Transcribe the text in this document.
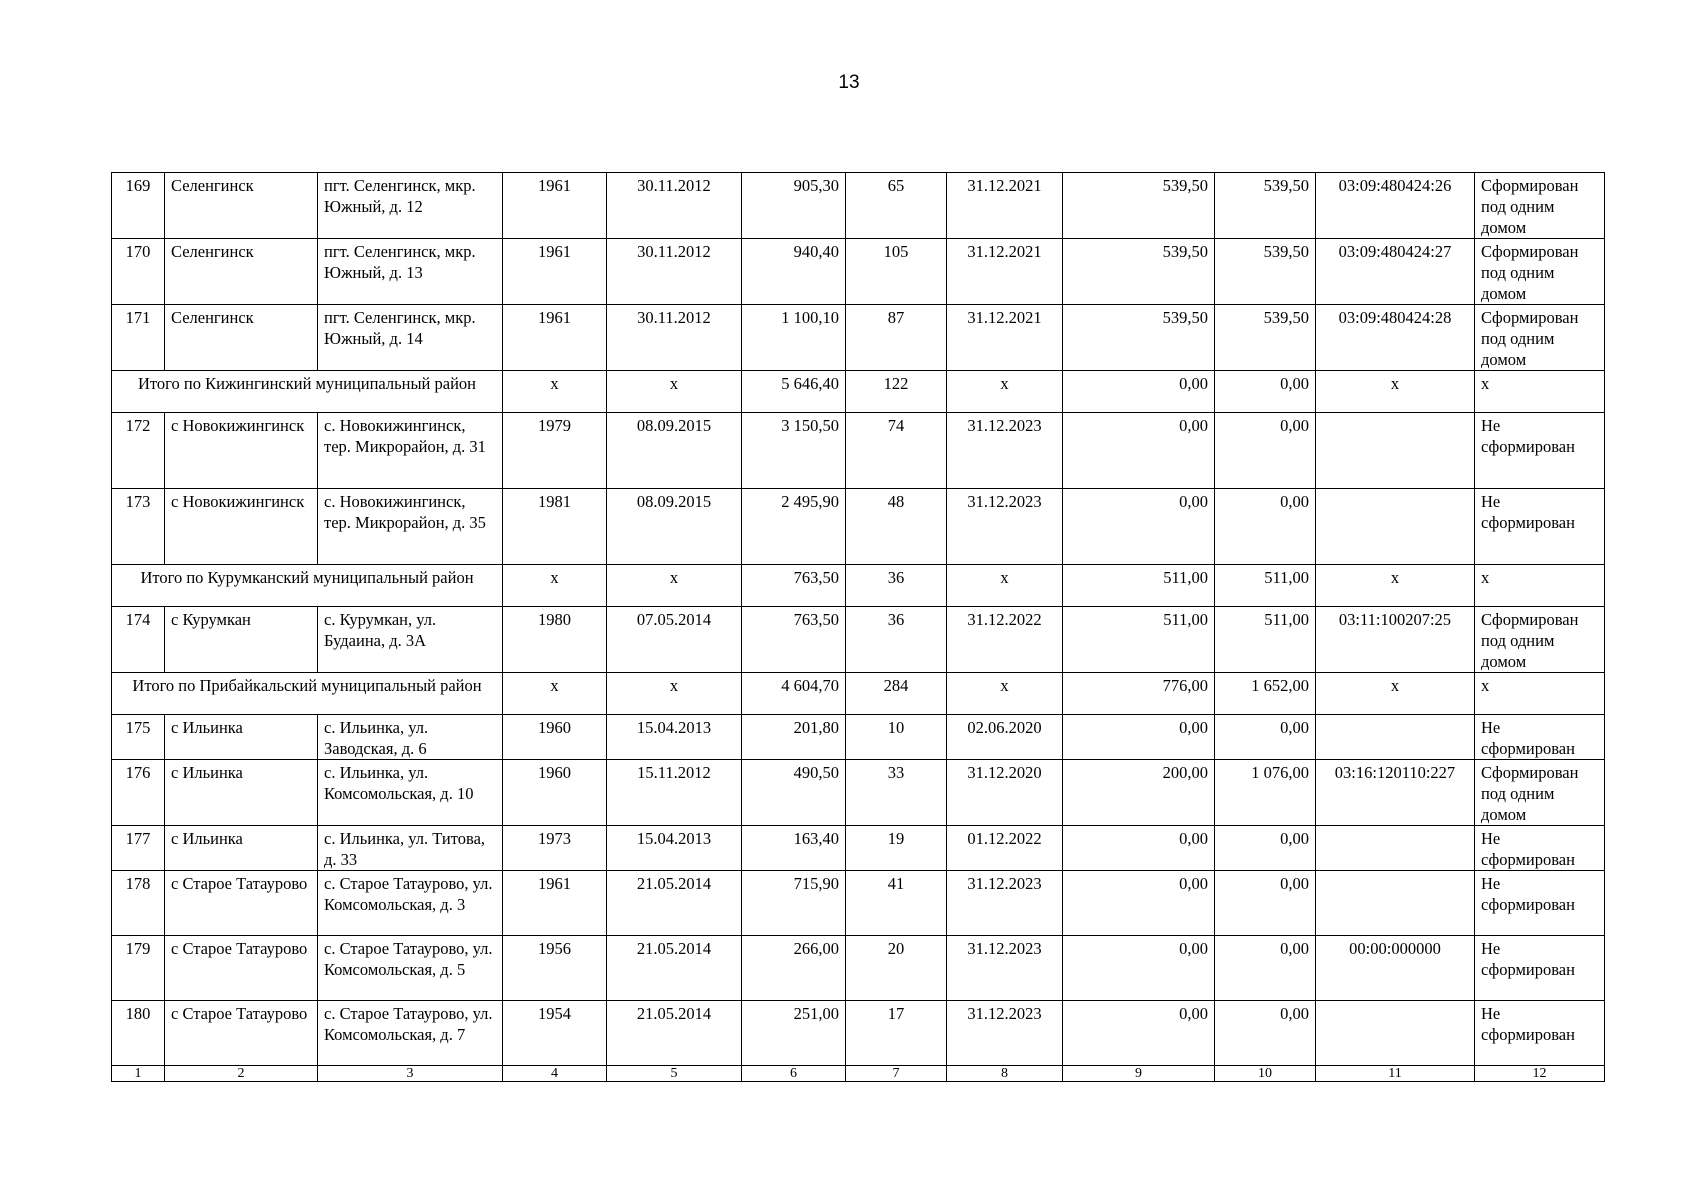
13
169	Селенгинск	пгт. Селенгинск, мкр. Южный, д. 12	1961	30.11.2012	905,30	65	31.12.2021	539,50	539,50	03:09:480424:26	Сформирован под одним домом
170	Селенгинск	пгт. Селенгинск, мкр. Южный, д. 13	1961	30.11.2012	940,40	105	31.12.2021	539,50	539,50	03:09:480424:27	Сформирован под одним домом
171	Селенгинск	пгт. Селенгинск, мкр. Южный, д. 14	1961	30.11.2012	1 100,10	87	31.12.2021	539,50	539,50	03:09:480424:28	Сформирован под одним домом
Итого по Кижингинский муниципальный район			х	х	5 646,40	122	х	0,00	0,00	х	х
172	с Новокижингинск	с. Новокижингинск, тер. Микрорайон, д. 31	1979	08.09.2015	3 150,50	74	31.12.2023	0,00	0,00		Не сформирован
173	с Новокижингинск	с. Новокижингинск, тер. Микрорайон, д. 35	1981	08.09.2015	2 495,90	48	31.12.2023	0,00	0,00		Не сформирован
Итого по Курумканский муниципальный район			х	х	763,50	36	х	511,00	511,00	х	х
174	с Курумкан	с. Курумкан, ул. Будаина, д. 3А	1980	07.05.2014	763,50	36	31.12.2022	511,00	511,00	03:11:100207:25	Сформирован под одним домом
Итого по Прибайкальский муниципальный район			х	х	4 604,70	284	х	776,00	1 652,00	х	х
175	с Ильинка	с. Ильинка, ул. Заводская, д. 6	1960	15.04.2013	201,80	10	02.06.2020	0,00	0,00		Не сформирован
176	с Ильинка	с. Ильинка, ул. Комсомольская, д. 10	1960	15.11.2012	490,50	33	31.12.2020	200,00	1 076,00	03:16:120110:227	Сформирован под одним домом
177	с Ильинка	с. Ильинка, ул. Титова, д. 33	1973	15.04.2013	163,40	19	01.12.2022	0,00	0,00		Не сформирован
178	с Старое Татаурово	с. Старое Татаурово, ул. Комсомольская, д. 3	1961	21.05.2014	715,90	41	31.12.2023	0,00	0,00		Не сформирован
179	с Старое Татаурово	с. Старое Татаурово, ул. Комсомольская, д. 5	1956	21.05.2014	266,00	20	31.12.2023	0,00	0,00	00:00:000000	Не сформирован
180	с Старое Татаурово	с. Старое Татаурово, ул. Комсомольская, д. 7	1954	21.05.2014	251,00	17	31.12.2023	0,00	0,00		Не сформирован
1	2	3	4	5	6	7	8	9	10	11	12
